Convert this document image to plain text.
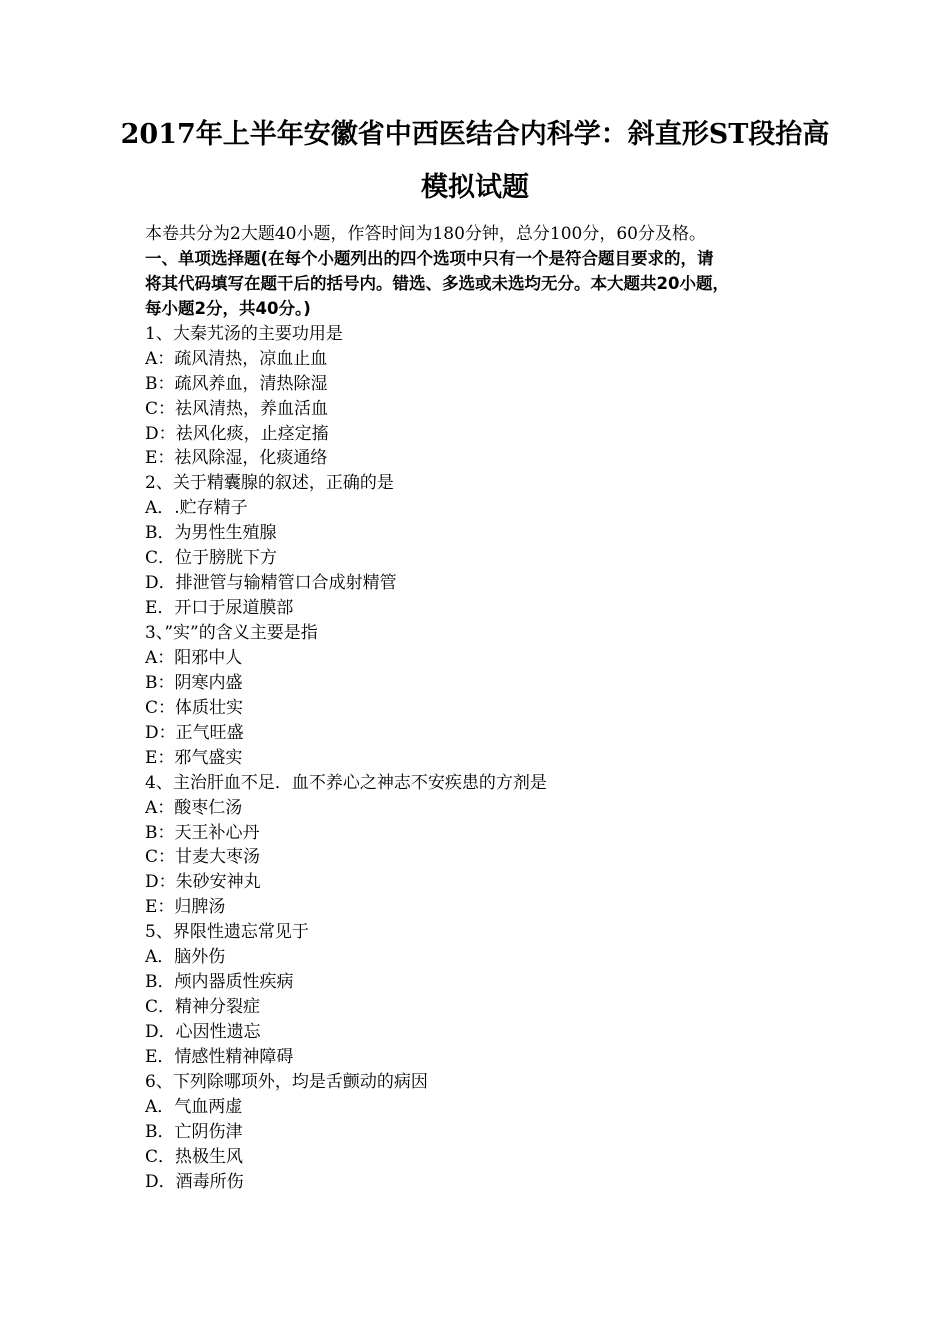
2017年上半年安徽省中西医结合内科学：斜直形ST段抬高
模拟试题
本卷共分为2大题40小题，作答时间为180分钟，总分100分，60分及格。
一、单项选择题(在每个小题列出的四个选项中只有一个是符合题目要求的，请
将其代码填写在题干后的括号内。错选、多选或未选均无分。本大题共20小题，
每小题2分，共40分。)
1、大秦艽汤的主要功用是
A：疏风清热，凉血止血
B：疏风养血，清热除湿
C：祛风清热，养血活血
D：祛风化痰，止痉定搐
E：祛风除湿，化痰通络
2、关于精囊腺的叙述，正确的是
A．.贮存精子
B．为男性生殖腺
C．位于膀胱下方
D．排泄管与输精管口合成射精管
E．开口于尿道膜部
3、”实”的含义主要是指
A：阳邪中人
B：阴寒内盛
C：体质壮实
D：正气旺盛
E：邪气盛实
4、主治肝血不足．血不养心之神志不安疾患的方剂是
A：酸枣仁汤
B：天王补心丹
C：甘麦大枣汤
D：朱砂安神丸
E：归脾汤
5、界限性遗忘常见于
A．脑外伤
B．颅内器质性疾病
C．精神分裂症
D．心因性遗忘
E．情感性精神障碍
6、下列除哪项外，均是舌颤动的病因
A．气血两虚
B．亡阴伤津
C．热极生风
D．酒毒所伤
